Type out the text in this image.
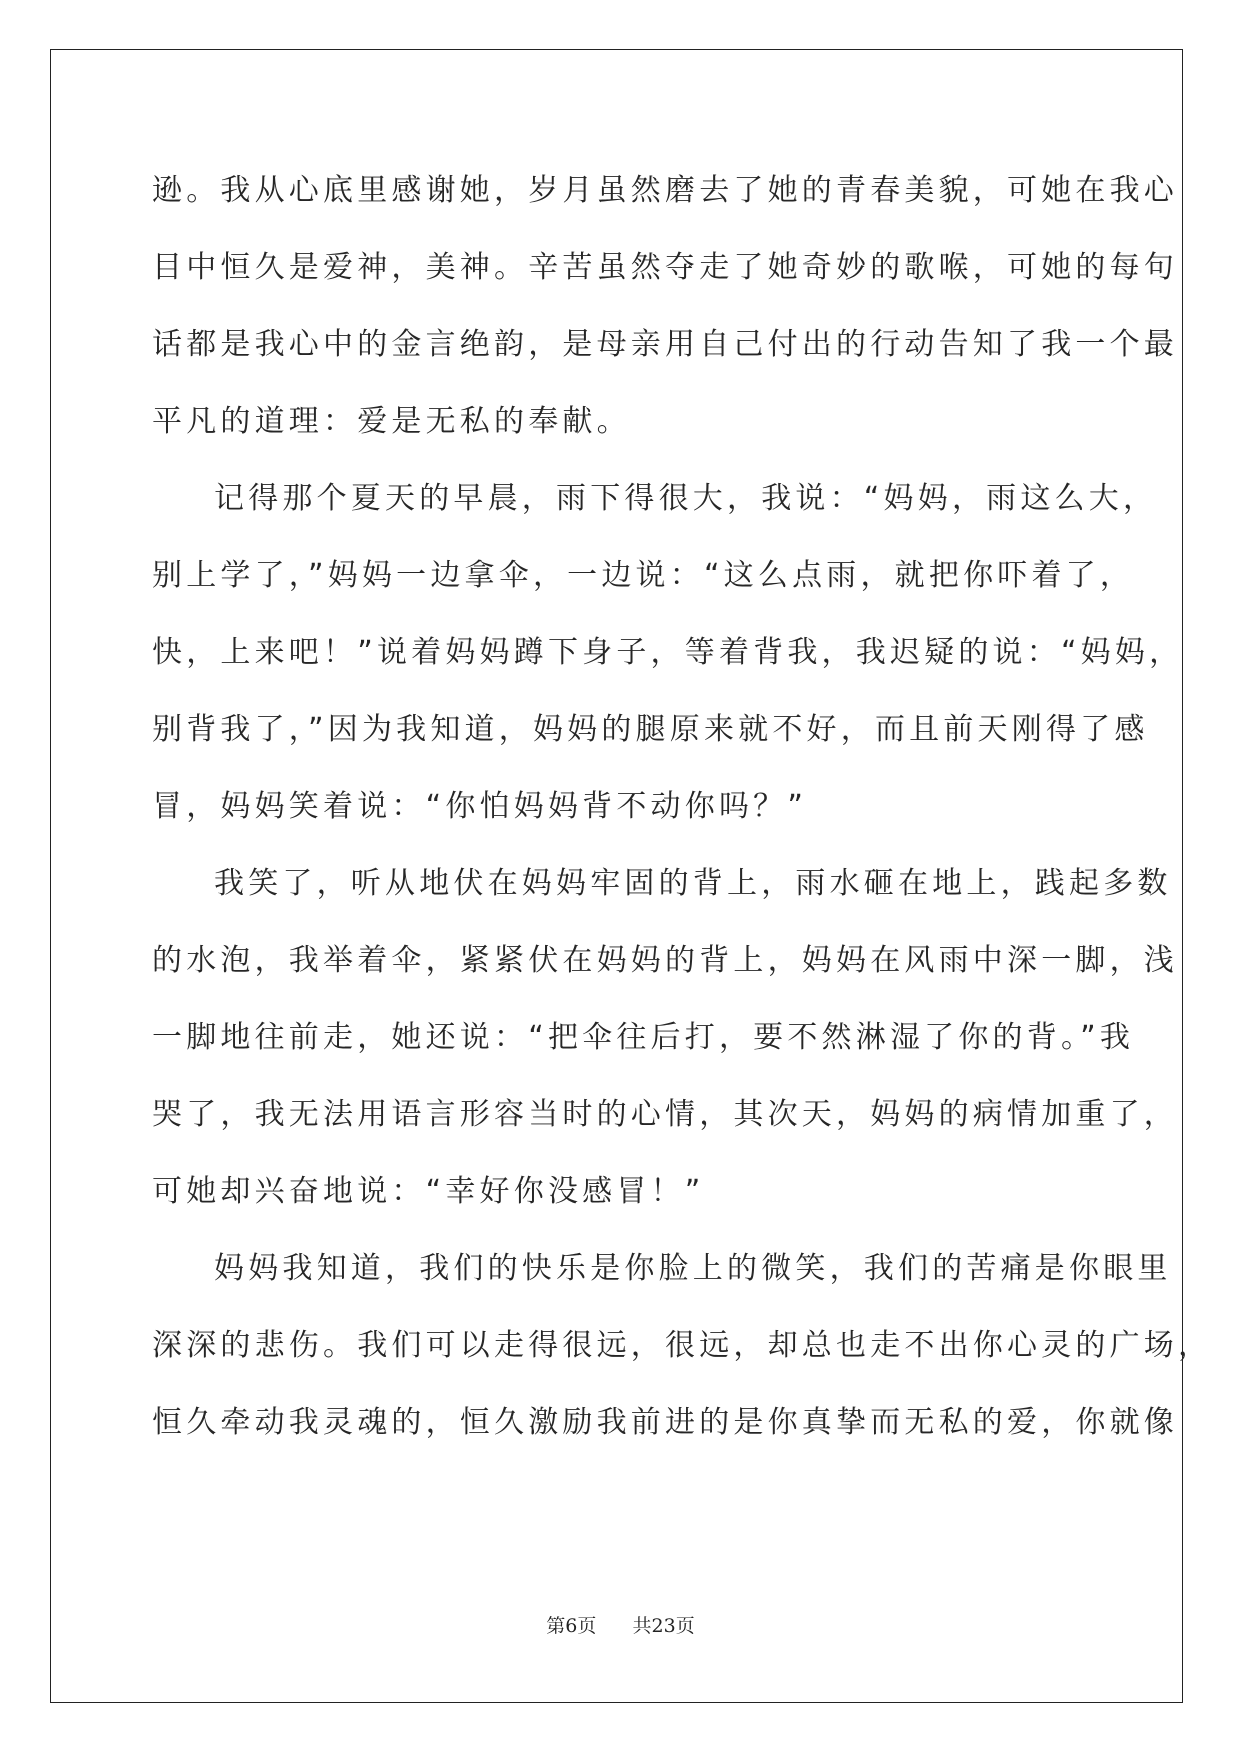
逊。我从心底里感谢她，岁月虽然磨去了她的青春美貌，可她在我心
目中恒久是爱神，美神。辛苦虽然夺走了她奇妙的歌喉，可她的每句
话都是我心中的金言绝韵，是母亲用自己付出的行动告知了我一个最
平凡的道理：爱是无私的奉献。
记得那个夏天的早晨，雨下得很大，我说：“妈妈，雨这么大，
别上学了，”妈妈一边拿伞，一边说：“这么点雨，就把你吓着了，
快，上来吧！”说着妈妈蹲下身子，等着背我，我迟疑的说：“妈妈，
别背我了，”因为我知道，妈妈的腿原来就不好，而且前天刚得了感
冒，妈妈笑着说：“你怕妈妈背不动你吗？”
我笑了，听从地伏在妈妈牢固的背上，雨水砸在地上，践起多数
的水泡，我举着伞，紧紧伏在妈妈的背上，妈妈在风雨中深一脚，浅
一脚地往前走，她还说：“把伞往后打，要不然淋湿了你的背。”我
哭了，我无法用语言形容当时的心情，其次天，妈妈的病情加重了，
可她却兴奋地说：“幸好你没感冒！”
妈妈我知道，我们的快乐是你脸上的微笑，我们的苦痛是你眼里
深深的悲伤。我们可以走得很远，很远，却总也走不出你心灵的广场，
恒久牵动我灵魂的，恒久激励我前进的是你真挚而无私的爱，你就像
第6页 共23页
